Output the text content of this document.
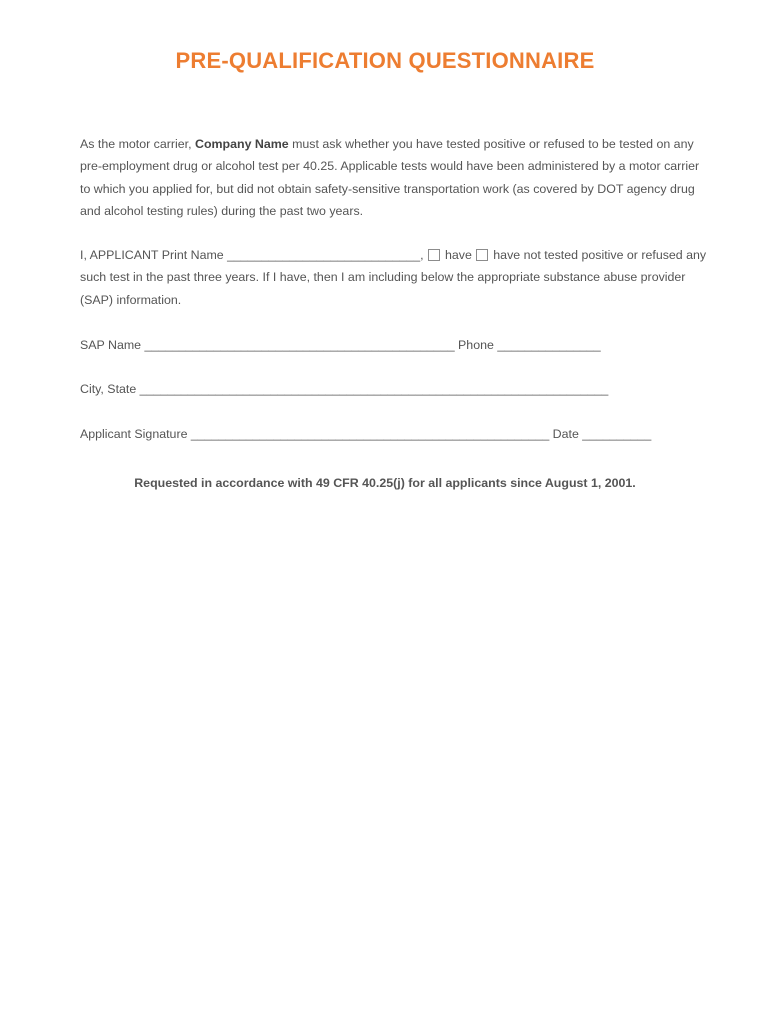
PRE-QUALIFICATION QUESTIONNAIRE
As the motor carrier, Company Name must ask whether you have tested positive or refused to be tested on any
pre-employment drug or alcohol test per 40.25. Applicable tests would have been administered by a motor carrier
to which you applied for, but did not obtain safety-sensitive transportation work (as covered by DOT agency drug
and alcohol testing rules) during the past two years.
I, APPLICANT Print Name ____________________________, have have not tested positive or refused any
such test in the past three years. If I have, then I am including below the appropriate substance abuse provider
(SAP) information.
SAP Name _____________________________________________ Phone _______________
City, State ____________________________________________________________________
Applicant Signature ____________________________________________________ Date __________
Requested in accordance with 49 CFR 40.25(j) for all applicants since August 1, 2001.
